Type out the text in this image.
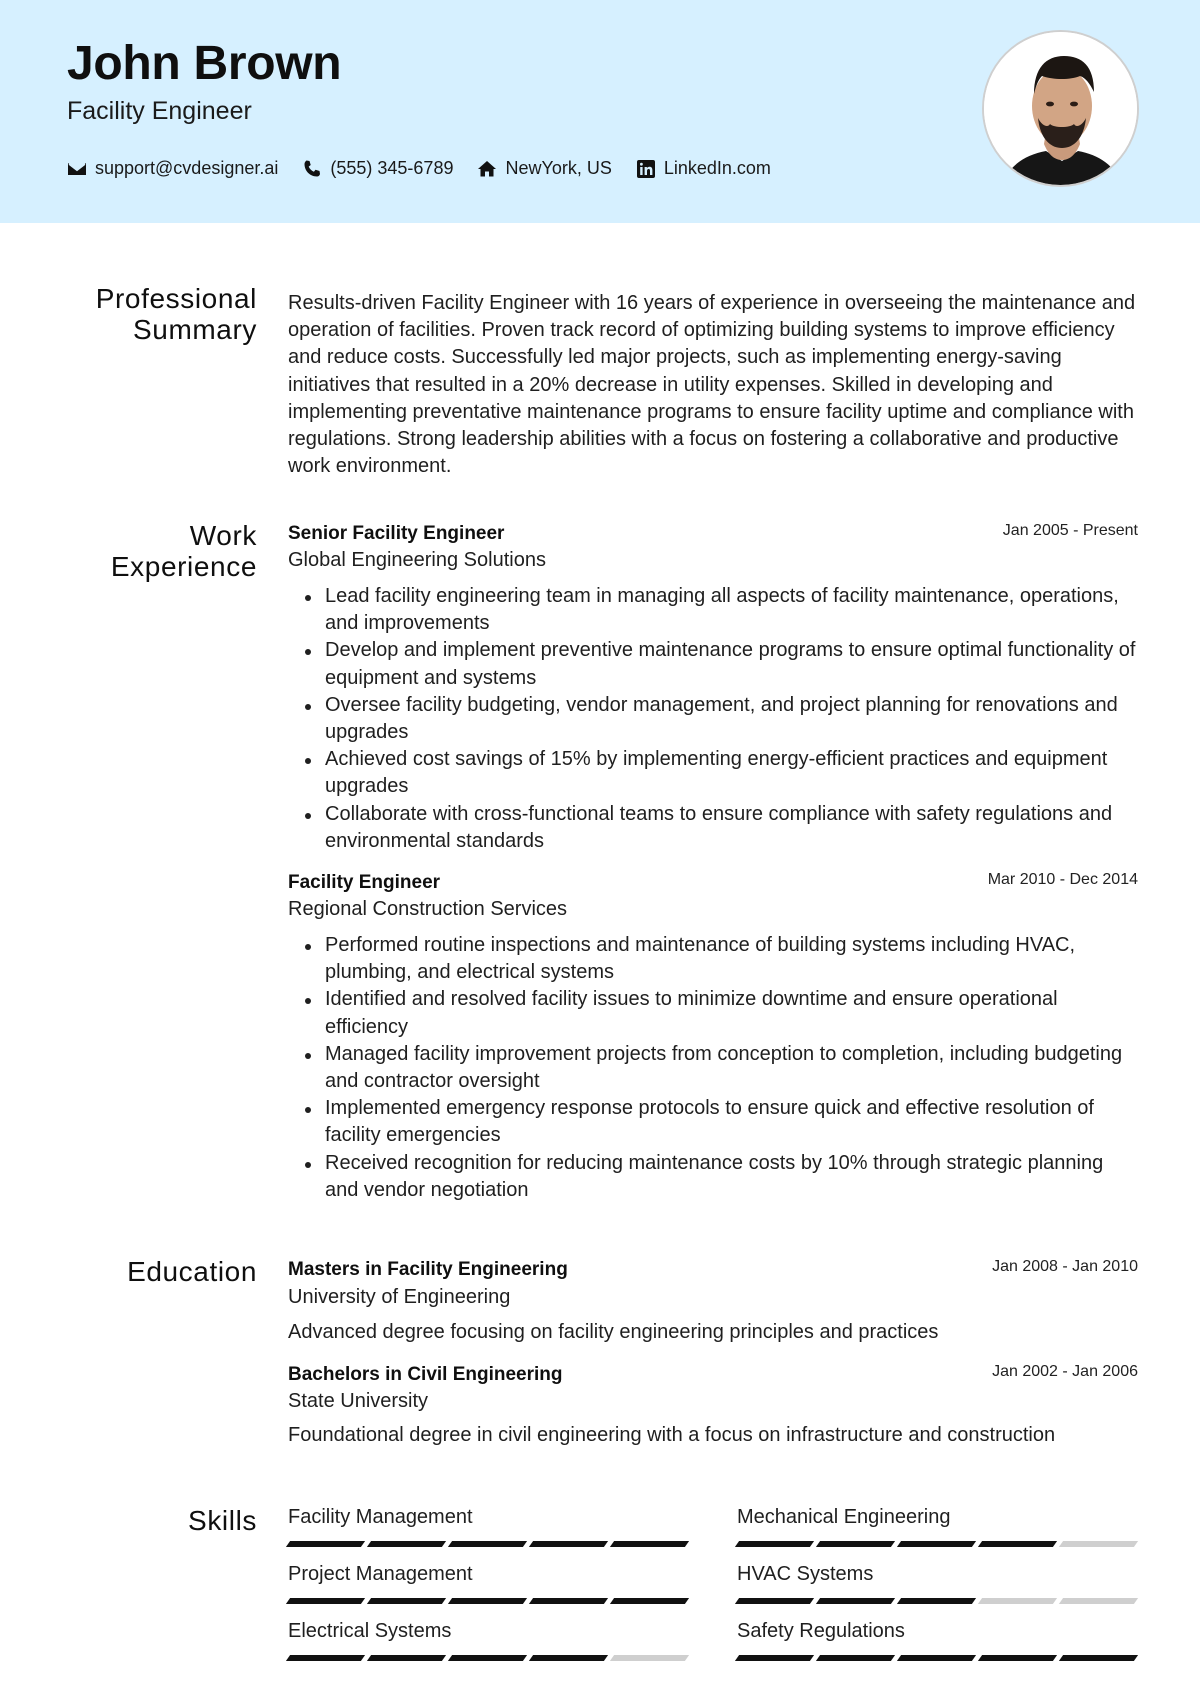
John Brown
Facility Engineer
support@cvdesigner.ai	(555) 345-6789	NewYork, US	LinkedIn.com
Professional Summary
Results-driven Facility Engineer with 16 years of experience in overseeing the maintenance and operation of facilities. Proven track record of optimizing building systems to improve efficiency and reduce costs. Successfully led major projects, such as implementing energy-saving initiatives that resulted in a 20% decrease in utility expenses. Skilled in developing and implementing preventative maintenance programs to ensure facility uptime and compliance with regulations. Strong leadership abilities with a focus on fostering a collaborative and productive work environment.
Work Experience
Senior Facility Engineer	Jan 2005 - Present
Global Engineering Solutions
Lead facility engineering team in managing all aspects of facility maintenance, operations, and improvements
Develop and implement preventive maintenance programs to ensure optimal functionality of equipment and systems
Oversee facility budgeting, vendor management, and project planning for renovations and upgrades
Achieved cost savings of 15% by implementing energy-efficient practices and equipment upgrades
Collaborate with cross-functional teams to ensure compliance with safety regulations and environmental standards
Facility Engineer	Mar 2010 - Dec 2014
Regional Construction Services
Performed routine inspections and maintenance of building systems including HVAC, plumbing, and electrical systems
Identified and resolved facility issues to minimize downtime and ensure operational efficiency
Managed facility improvement projects from conception to completion, including budgeting and contractor oversight
Implemented emergency response protocols to ensure quick and effective resolution of facility emergencies
Received recognition for reducing maintenance costs by 10% through strategic planning and vendor negotiation
Education Masters in Facility Engineering	Jan 2008 - Jan 2010
University of Engineering
Advanced degree focusing on facility engineering principles and practices
Bachelors in Civil Engineering	Jan 2002 - Jan 2006
State University
Foundational degree in civil engineering with a focus on infrastructure and construction
Skills Facility Management	Mechanical Engineering
Project Management	HVAC Systems
Electrical Systems	Safety Regulations
